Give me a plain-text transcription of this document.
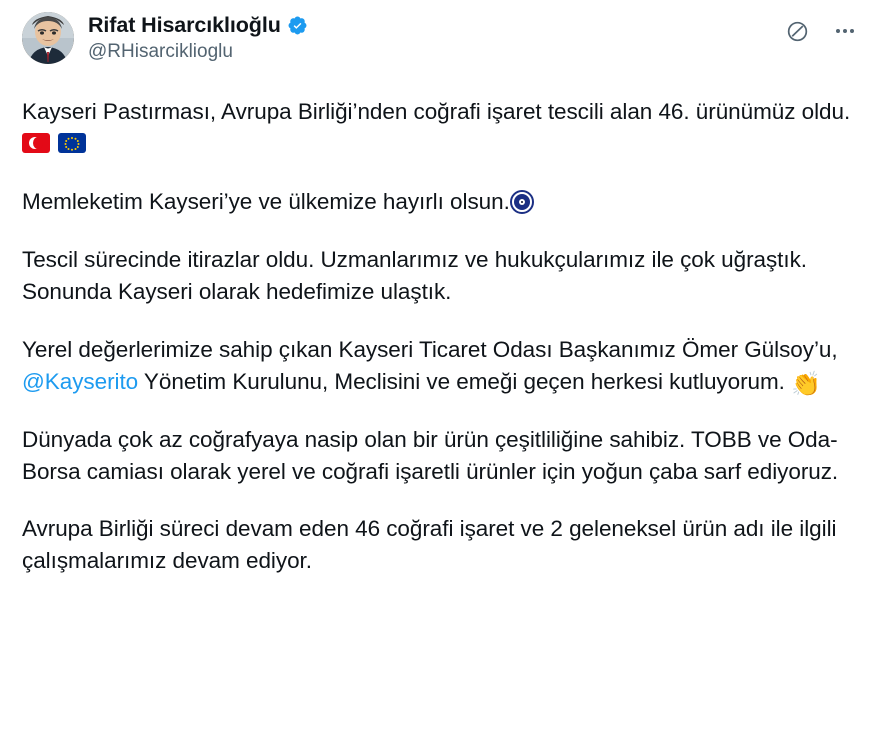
Rifat Hisarcıklıoğlu
@RHisarciklioglu

Kayseri Pastırması, Avrupa Birliği’nden coğrafi işaret tescili alan 46. ürünümüz oldu.

Memleketim Kayseri’ye ve ülkemize hayırlı olsun.

Tescil sürecinde itirazlar oldu. Uzmanlarımız ve hukukçularımız ile çok uğraştık. Sonunda Kayseri olarak hedefimize ulaştık.

Yerel değerlerimize sahip çıkan Kayseri Ticaret Odası Başkanımız Ömer Gülsoy’u, @Kayserito Yönetim Kurulunu, Meclisini ve emeği geçen herkesi kutluyorum. 👏

Dünyada çok az coğrafyaya nasip olan bir ürün çeşitliliğine sahibiz. TOBB ve Oda-Borsa camiası olarak yerel ve coğrafi işaretli ürünler için yoğun çaba sarf ediyoruz.

Avrupa Birliği süreci devam eden 46 coğrafi işaret ve 2 geleneksel ürün adı ile ilgili çalışmalarımız devam ediyor.
